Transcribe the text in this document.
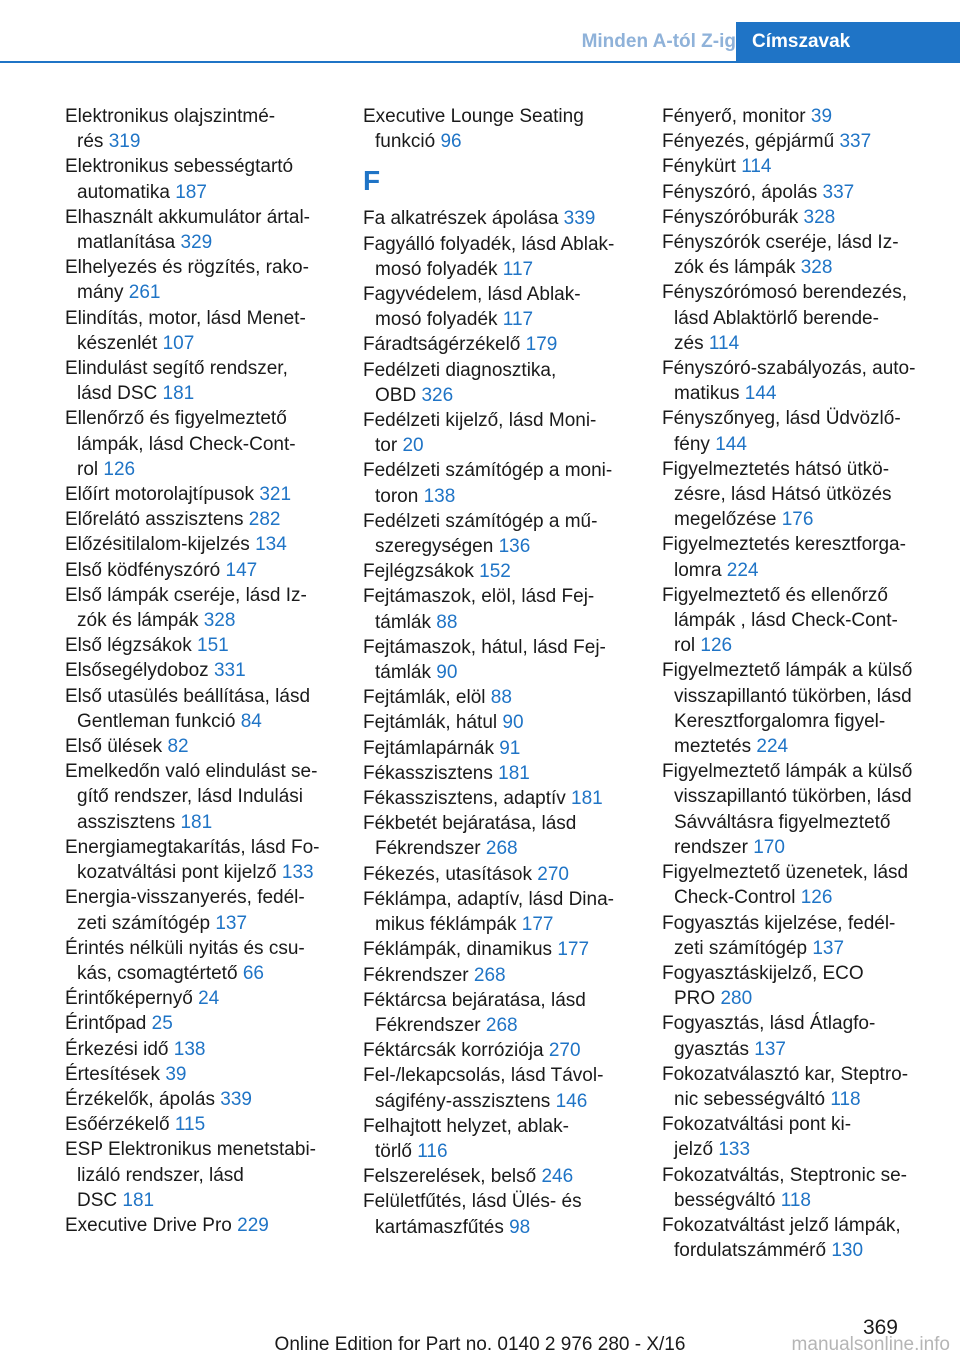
Minden A-tól Z-ig Címszavak
Elektronikus olajszintmé-
rés 319
Elektronikus sebességtartó
automatika 187
Elhasznált akkumulátor ártal-
matlanítása 329
Elhelyezés és rögzítés, rako-
mány 261
Elindítás, motor, lásd Menet-
készenlét 107
Elindulást segítő rendszer,
lásd DSC 181
Ellenőrző és figyelmeztető
lámpák, lásd Check-Cont-
rol 126
Előírt motorolajtípusok 321
Előrelátó asszisztens 282
Előzésitilalom-kijelzés 134
Első ködfényszóró 147
Első lámpák cseréje, lásd Iz-
zók és lámpák 328
Első légzsákok 151
Elsősegélydoboz 331
Első utasülés beállítása, lásd
Gentleman funkció 84
Első ülések 82
Emelkedőn való elindulást se-
gítő rendszer, lásd Indulási
asszisztens 181
Energiamegtakarítás, lásd Fo-
kozatváltási pont kijelző 133
Energia-visszanyerés, fedél-
zeti számítógép 137
Érintés nélküli nyitás és csu-
kás, csomagtértető 66
Érintőképernyő 24
Érintőpad 25
Érkezési idő 138
Értesítések 39
Érzékelők, ápolás 339
Esőérzékelő 115
ESP Elektronikus menetstabi-
lizáló rendszer, lásd
DSC 181
Executive Drive Pro 229
Executive Lounge Seating
funkció 96
F
Fa alkatrészek ápolása 339
Fagyálló folyadék, lásd Ablak-
mosó folyadék 117
Fagyvédelem, lásd Ablak-
mosó folyadék 117
Fáradtságérzékelő 179
Fedélzeti diagnosztika,
OBD 326
Fedélzeti kijelző, lásd Moni-
tor 20
Fedélzeti számítógép a moni-
toron 138
Fedélzeti számítógép a mű-
szeregységen 136
Fejlégzsákok 152
Fejtámaszok, elöl, lásd Fej-
támlák 88
Fejtámaszok, hátul, lásd Fej-
támlák 90
Fejtámlák, elöl 88
Fejtámlák, hátul 90
Fejtámlapárnák 91
Fékasszisztens 181
Fékasszisztens, adaptív 181
Fékbetét bejáratása, lásd
Fékrendszer 268
Fékezés, utasítások 270
Féklámpa, adaptív, lásd Dina-
mikus féklámpák 177
Féklámpák, dinamikus 177
Fékrendszer 268
Féktárcsa bejáratása, lásd
Fékrendszer 268
Féktárcsák korróziója 270
Fel-/lekapcsolás, lásd Távol-
ságifény-asszisztens 146
Felhajtott helyzet, ablak-
törlő 116
Felszerelések, belső 246
Felületfűtés, lásd Ülés- és
kartámaszfűtés 98
Fényerő, monitor 39
Fényezés, gépjármű 337
Fénykürt 114
Fényszóró, ápolás 337
Fényszóróburák 328
Fényszórók cseréje, lásd Iz-
zók és lámpák 328
Fényszórómosó berendezés,
lásd Ablaktörlő berende-
zés 114
Fényszóró-szabályozás, auto-
matikus 144
Fényszőnyeg, lásd Üdvözlő-
fény 144
Figyelmeztetés hátsó ütkö-
zésre, lásd Hátsó ütközés
megelőzése 176
Figyelmeztetés keresztforga-
lomra 224
Figyelmeztető és ellenőrző
lámpák , lásd Check-Cont-
rol 126
Figyelmeztető lámpák a külső
visszapillantó tükörben, lásd
Keresztforgalomra figyel-
meztetés 224
Figyelmeztető lámpák a külső
visszapillantó tükörben, lásd
Sávváltásra figyelmeztető
rendszer 170
Figyelmeztető üzenetek, lásd
Check-Control 126
Fogyasztás kijelzése, fedél-
zeti számítógép 137
Fogyasztáskijelző, ECO
PRO 280
Fogyasztás, lásd Átlagfo-
gyasztás 137
Fokozatválasztó kar, Steptro-
nic sebességváltó 118
Fokozatváltási pont ki-
jelző 133
Fokozatváltás, Steptronic se-
bességváltó 118
Fokozatváltást jelző lámpák,
fordulatszámmérő 130
369
Online Edition for Part no. 0140 2 976 280 - X/16	manualsonline.info
